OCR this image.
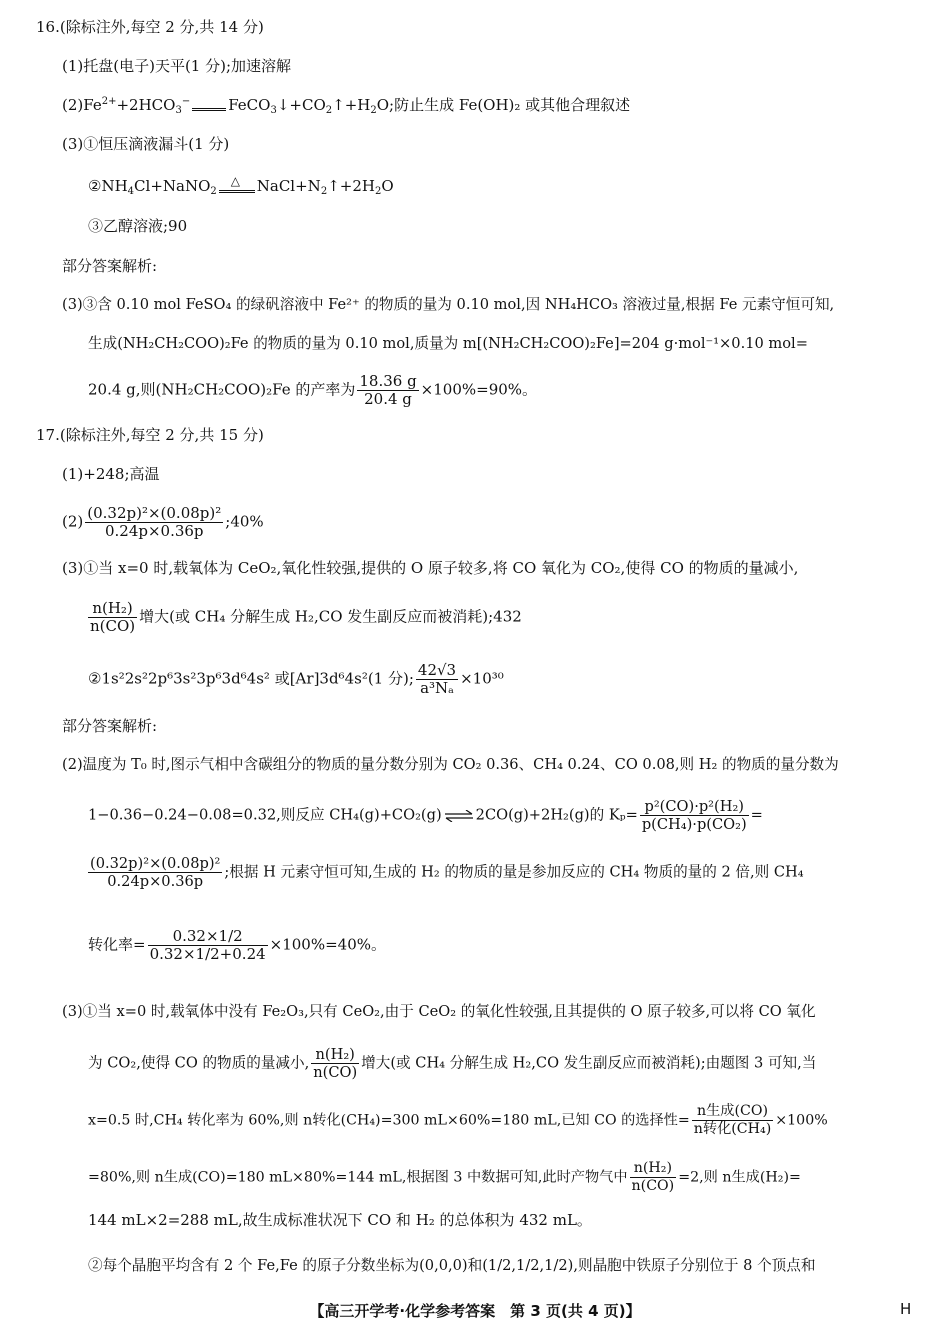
16.(除标注外,每空 2 分,共 14 分)
(1)托盘(电子)天平(1 分);加速溶解
$(2)Fe^{2+}+2HCO_3^-$	$FeCO_3↓+CO_2↑+H_2O$;防止生成 Fe(OH)₂ 或其他合理叙述
(3)①恒压滴液漏斗(1 分)
$②NH_4Cl+NaNO_2$
△ $NaCl+N_2↑+2H_2O$
③乙醇溶液;90
部分答案解析:
(3)③含 0.10 mol FeSO₄ 的绿矾溶液中 Fe²⁺ 的物质的量为 0.10 mol,因 NH₄HCO₃ 溶液过量,根据 Fe 元素守恒可知,
生成(NH₂CH₂COO)₂Fe 的物质的量为 0.10 mol,质量为 m[(NH₂CH₂COO)₂Fe]=204 g·mol⁻¹×0.10 mol=
20.4 g,则(NH₂CH₂COO)₂Fe 的产率为 $\frac{18.36 g}{20.4 g} \times 100\%=90\%$。
17.(除标注外,每空 2 分,共 15 分)
(1)+248;高温
$(2) \frac{\text{(0.32p)²×(0.08p)²}}{0.24p\times 0.36p}$ ;40%
(3)①当 x=0 时,载氧体为 CeO₂,氧化性较强,提供的 O 原子较多,将 CO 氧化为 CO₂,使得 CO 的物质的量减小,
$\frac{\text{n(H₂)}}{n(CO)}$ 增大(或 CH₄ 分解生成 H₂,CO 发生副反应而被消耗);432
②1s²2s²2p⁶3s²3p⁶3d⁶4s² 或[Ar]3d⁶4s²(1 分); $\frac{42√3}{\text{a³Nₐ}} \times 10^{30}$
部分答案解析:
(2)温度为 T₀ 时,图示气相中含碳组分的物质的量分数分别为 CO₂ 0.36、CH₄ 0.24、CO 0.08,则 H₂ 的物质的量分数为
1−0.36−0.24−0.08=0.32,则反应 CH₄(g)+CO₂(g) ⇌ 2CO(g)+2H₂(g)的 $K_p= \frac{\text{p²(CO)·p²(H₂)}}{\text{p(CH₄)·p(CO₂)}}$ =
$\frac{\text{(0.32p)²×(0.08p)²}}{0.24p\times 0.36p}$ ;根据 H 元素守恒可知,生成的 H₂ 的物质的量是参加反应的 CH₄ 物质的量的 2 倍,则 CH₄
转化率= $\frac{0.32\times 1/2}{0.32\times 1/2+0.24} \times 100\%=40\%$。
(3)①当 x=0 时,载氧体中没有 Fe₂O₃,只有 CeO₂,由于 CeO₂ 的氧化性较强,且其提供的 O 原子较多,可以将 CO 氧化
为 CO₂,使得 CO 的物质的量减小, $\frac{\text{n(H₂)}}{n(CO)}$ 增大(或 CH₄ 分解生成 H₂,CO 发生副反应而被消耗);由题图 3 可知,当
x=0.5 时,CH₄ 转化率为 60%,则 n转化(CH₄)=300 mL×60%=180 mL,已知 CO 的选择性= $\frac{\text{n生成(CO)}}{\text{n转化(CH₄)}} \times 100\%$
=80%,则 n生成(CO)=180 mL×80%=144 mL,根据图 3 中数据可知,此时产物气中 $\frac{\text{n(H₂)}}{n(CO)} =2$,则 n生成(H₂)=
144 mL×2=288 mL,故生成标准状况下 CO 和 H₂ 的总体积为 432 mL。
②每个晶胞平均含有 2 个 Fe,Fe 的原子分数坐标为(0,0,0)和(1/2,1/2,1/2),则晶胞中铁原子分别位于 8 个顶点和
【高三开学考·化学参考答案　第 3 页(共 4 页)】	H
